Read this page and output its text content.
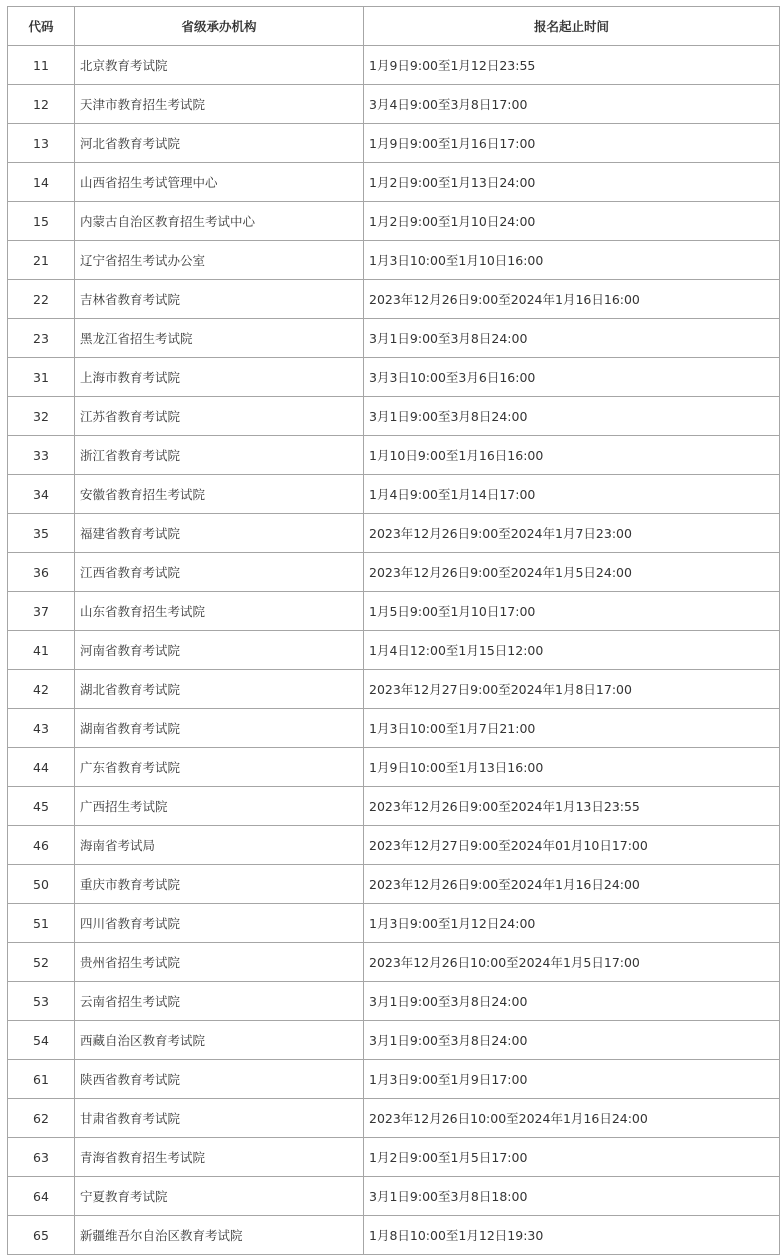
代码	省级承办机构	报名起止时间
11	北京教育考试院	1月9日9:00至1月12日23:55
12	天津市教育招生考试院	3月4日9:00至3月8日17:00
13	河北省教育考试院	1月9日9:00至1月16日17:00
14	山西省招生考试管理中心	1月2日9:00至1月13日24:00
15	内蒙古自治区教育招生考试中心	1月2日9:00至1月10日24:00
21	辽宁省招生考试办公室	1月3日10:00至1月10日16:00
22	吉林省教育考试院	2023年12月26日9:00至2024年1月16日16:00
23	黑龙江省招生考试院	3月1日9:00至3月8日24:00
31	上海市教育考试院	3月3日10:00至3月6日16:00
32	江苏省教育考试院	3月1日9:00至3月8日24:00
33	浙江省教育考试院	1月10日9:00至1月16日16:00
34	安徽省教育招生考试院	1月4日9:00至1月14日17:00
35	福建省教育考试院	2023年12月26日9:00至2024年1月7日23:00
36	江西省教育考试院	2023年12月26日9:00至2024年1月5日24:00
37	山东省教育招生考试院	1月5日9:00至1月10日17:00
41	河南省教育考试院	1月4日12:00至1月15日12:00
42	湖北省教育考试院	2023年12月27日9:00至2024年1月8日17:00
43	湖南省教育考试院	1月3日10:00至1月7日21:00
44	广东省教育考试院	1月9日10:00至1月13日16:00
45	广西招生考试院	2023年12月26日9:00至2024年1月13日23:55
46	海南省考试局	2023年12月27日9:00至2024年01月10日17:00
50	重庆市教育考试院	2023年12月26日9:00至2024年1月16日24:00
51	四川省教育考试院	1月3日9:00至1月12日24:00
52	贵州省招生考试院	2023年12月26日10:00至2024年1月5日17:00
53	云南省招生考试院	3月1日9:00至3月8日24:00
54	西藏自治区教育考试院	3月1日9:00至3月8日24:00
61	陕西省教育考试院	1月3日9:00至1月9日17:00
62	甘肃省教育考试院	2023年12月26日10:00至2024年1月16日24:00
63	青海省教育招生考试院	1月2日9:00至1月5日17:00
64	宁夏教育考试院	3月1日9:00至3月8日18:00
65	新疆维吾尔自治区教育考试院	1月8日10:00至1月12日19:30
